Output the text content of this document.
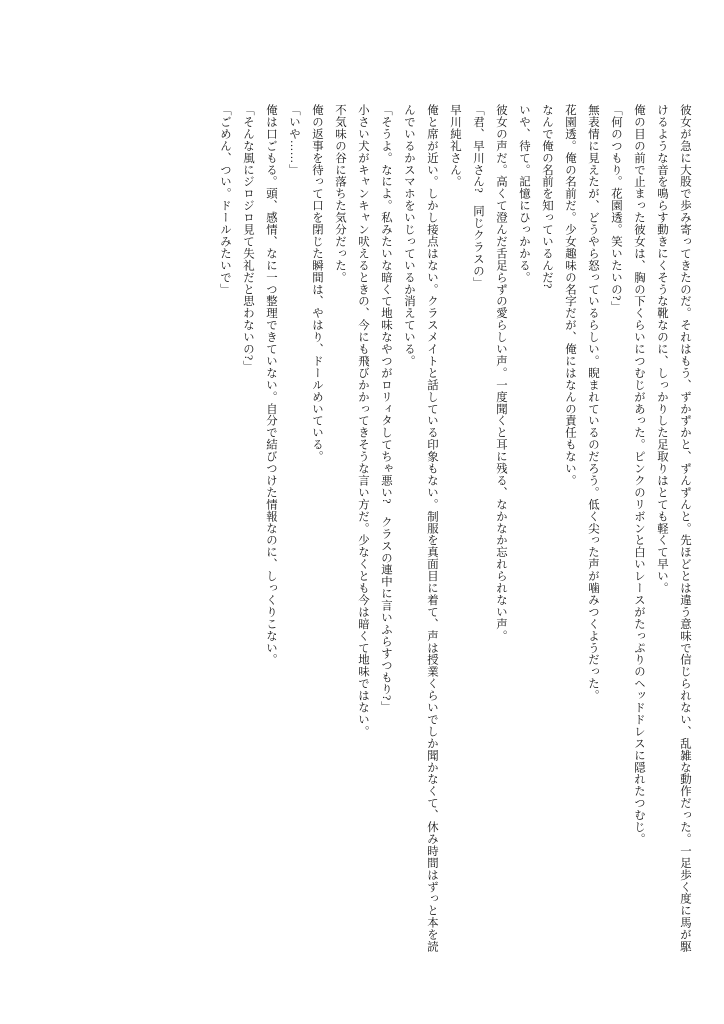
彼女が急に大股で歩み寄ってきたのだ。それはもう、ずかずかと、ずんずんと。先ほどとは違う意味で信じられない、乱雑な動作だった。一足歩く度に馬が駆けるような音を鳴らす動きにくそうな靴なのに、しっかりした足取りはとても軽くて早い。

俺の目の前で止まった彼女は、胸の下くらいにつむじがあった。ピンクのリボンと白いレースがたっぷりのヘッドドレスに隠れたつむじ。

「何のつもり。花園透。笑いたいの?」

無表情に見えたが、どうやら怒っているらしい。睨まれているのだろう。低く尖った声が噛みつくようだった。

花園透。俺の名前だ。少女趣味の名字だが、俺にはなんの責任もない。

なんで俺の名前を知っているんだ?

いや、待て。記憶にひっかかる。

彼女の声だ。高くて澄んだ舌足らずの愛らしい声。一度聞くと耳に残る、なかなか忘れられない声。

「君、早川さん?　同じクラスの」

早川純礼さん。

俺と席が近い。しかし接点はない。クラスメイトと話している印象もない。制服を真面目に着て、声は授業くらいでしか聞かなくて、休み時間はずっと本を読んでいるかスマホをいじっているか消えている。

「そうよ。なによ。私みたいな暗くて地味なやつがロリィタしてちゃ悪い?　クラスの連中に言いふらすつもり?」

小さい犬がキャンキャン吠えるときの、今にも飛びかかってきそうな言い方だ。少なくとも今は暗くて地味ではない。

不気味の谷に落ちた気分だった。

俺の返事を待って口を閉じた瞬間は、やはり、ドールめいている。

「いや……」

俺は口ごもる。頭、感情、なに一つ整理できていない。自分で結びつけた情報なのに、しっくりこない。

「そんな風にジロジロ見て失礼だと思わないの?」

「ごめん、つい。ドールみたいで」
